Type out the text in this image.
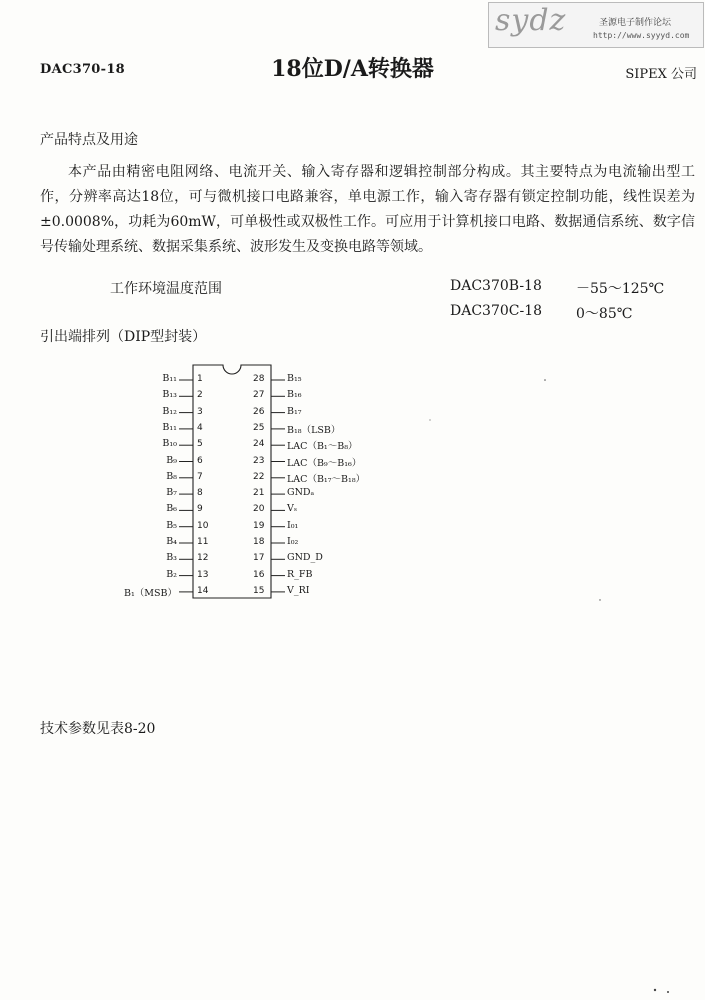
sydz	圣源电子制作论坛
http://www.syyyd.com
DAC370-18	18位D/A转换器	SIPEX 公司
产品特点及用途
本产品由精密电阻网络、电流开关、输入寄存器和逻辑控制部分构成。其主要特点为电流输出型工作，分辨率高达18位，可与微机接口电路兼容，单电源工作，输入寄存器有锁定控制功能，线性误差为±0.0008%，功耗为60mW，可单极性或双极性工作。可应用于计算机接口电路、数据通信系统、数字信号传输处理系统、数据采集系统、波形发生及变换电路等领域。
工作环境温度范围	DAC370B-18 －55～125℃
DAC370C-18 0～85℃
引出端排列（DIP型封装）
B₁₁ 1
B₁₃ 2
B₁₂ 3
B₁₁ 4
B₁₀ 5
B₉ 6
B₈ 7
B₇ 8
B₆ 9
B₅ 10
B₄ 11
B₃ 12
B₂ 13
B₁（MSB） 14
B₁₅
28
B₁₆
27
B₁₇
26
B₁₈（LSB）
25
LAC（B₁～B₈）
24
LAC（B₉～B₁₆）
23
LAC（B₁₇～B₁₈）
22
GNDₐ
21
Vₛ
20
I₀₁
19
I₀₂
18
GND_D
17
R_FB
16
V_RI
15
技术参数见表8-20
